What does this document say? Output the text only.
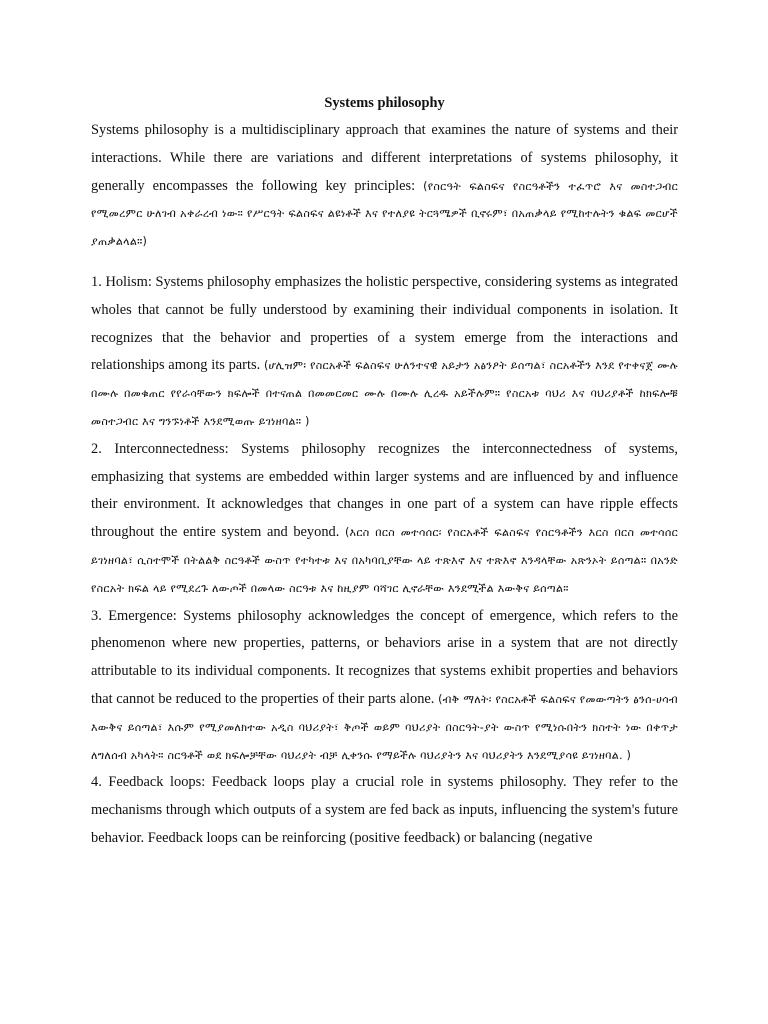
Systems philosophy

Systems philosophy is a multidisciplinary approach that examines the nature of systems and their interactions. While there are variations and different interpretations of systems philosophy, it generally encompasses the following key principles: (የስርዓት ፍልስፍና የስርዓቶችን ተፈጥሮ እና መስተጋብር የሚመረምር ሁለገብ አቀራረብ ነው። የሥርዓት ፍልስፍና ልዩነቶች እና የተለያዩ ትርጓሜዎች ቢኖሩም፣ በአጠቃላይ የሚከተሉትን ቁልፍ መርሆች ያጠቃልላል።)

1. Holism: Systems philosophy emphasizes the holistic perspective, considering systems as integrated wholes that cannot be fully understood by examining their individual components in isolation. It recognizes that the behavior and properties of a system emerge from the interactions and relationships among its parts. (ሆሊዝም፡ የስርአቶች ፍልስፍና ሁለንተናዊ አይታን አፅንዖት ይሰጣል፣ ስርአቶችን እንደ የተቀናጀ ሙሉ በሙሉ በመቁጠር የየራሳቸውን ክፍሎች በተናጠል በመመርመር ሙሉ በሙሉ ሊረዱ አይችሉም። የስርአቱ ባህሪ እና ባህሪያቶች ከክፍሎቹ መስተጋብር እና ግንኙነቶች እንደሚወጡ ይገነዘባል። )

2. Interconnectedness: Systems philosophy recognizes the interconnectedness of systems, emphasizing that systems are embedded within larger systems and are influenced by and influence their environment. It acknowledges that changes in one part of a system can have ripple effects throughout the entire system and beyond. (እርስ በርስ መተሳሰር፡ የስርአቶች ፍልስፍና የስርዓቶችን እርስ በርስ መተሳሰር ይገነዘባል፣ ሲስተሞች በትልልቅ ስርዓቶች ውስጥ የተካተቱ እና በአካባቢያቸው ላይ ተጽእኖ እና ተጽእኖ እንዳላቸው አጽንኦት ይሰጣል። በአንድ የስርአት ክፍል ላይ የሚደረጉ ለውጦች በመላው ስርዓቱ እና ከዚያም ባሻገር ሊኖራቸው እንደሚችል እውቅና ይሰጣል።

3. Emergence: Systems philosophy acknowledges the concept of emergence, which refers to the phenomenon where new properties, patterns, or behaviors arise in a system that are not directly attributable to its individual components. It recognizes that systems exhibit properties and behaviors that cannot be reduced to the properties of their parts alone. (ብቅ ማለት፡ የስርአቶች ፍልስፍና የመውጣትን ፅንሰ-ሀሳብ እውቅና ይሰጣል፣ እሱም የሚያመለክተው አዲስ ባህሪያት፣ ቅጦች ወይም ባህሪያት በስርዓት-ያት ውስጥ የሚነሱበትን ክስተት ነው በቀጥታ ለግለሰብ አካላት። ስርዓቶች ወደ ክፍሎቻቸው ባህሪያት ብቻ ሊቀንሱ የማይችሉ ባህሪያትን እና ባህሪያትን እንደሚያሳዩ ይገነዘባል. )

4. Feedback loops: Feedback loops play a crucial role in systems philosophy. They refer to the mechanisms through which outputs of a system are fed back as inputs, influencing the system's future behavior. Feedback loops can be reinforcing (positive feedback) or balancing (negative
